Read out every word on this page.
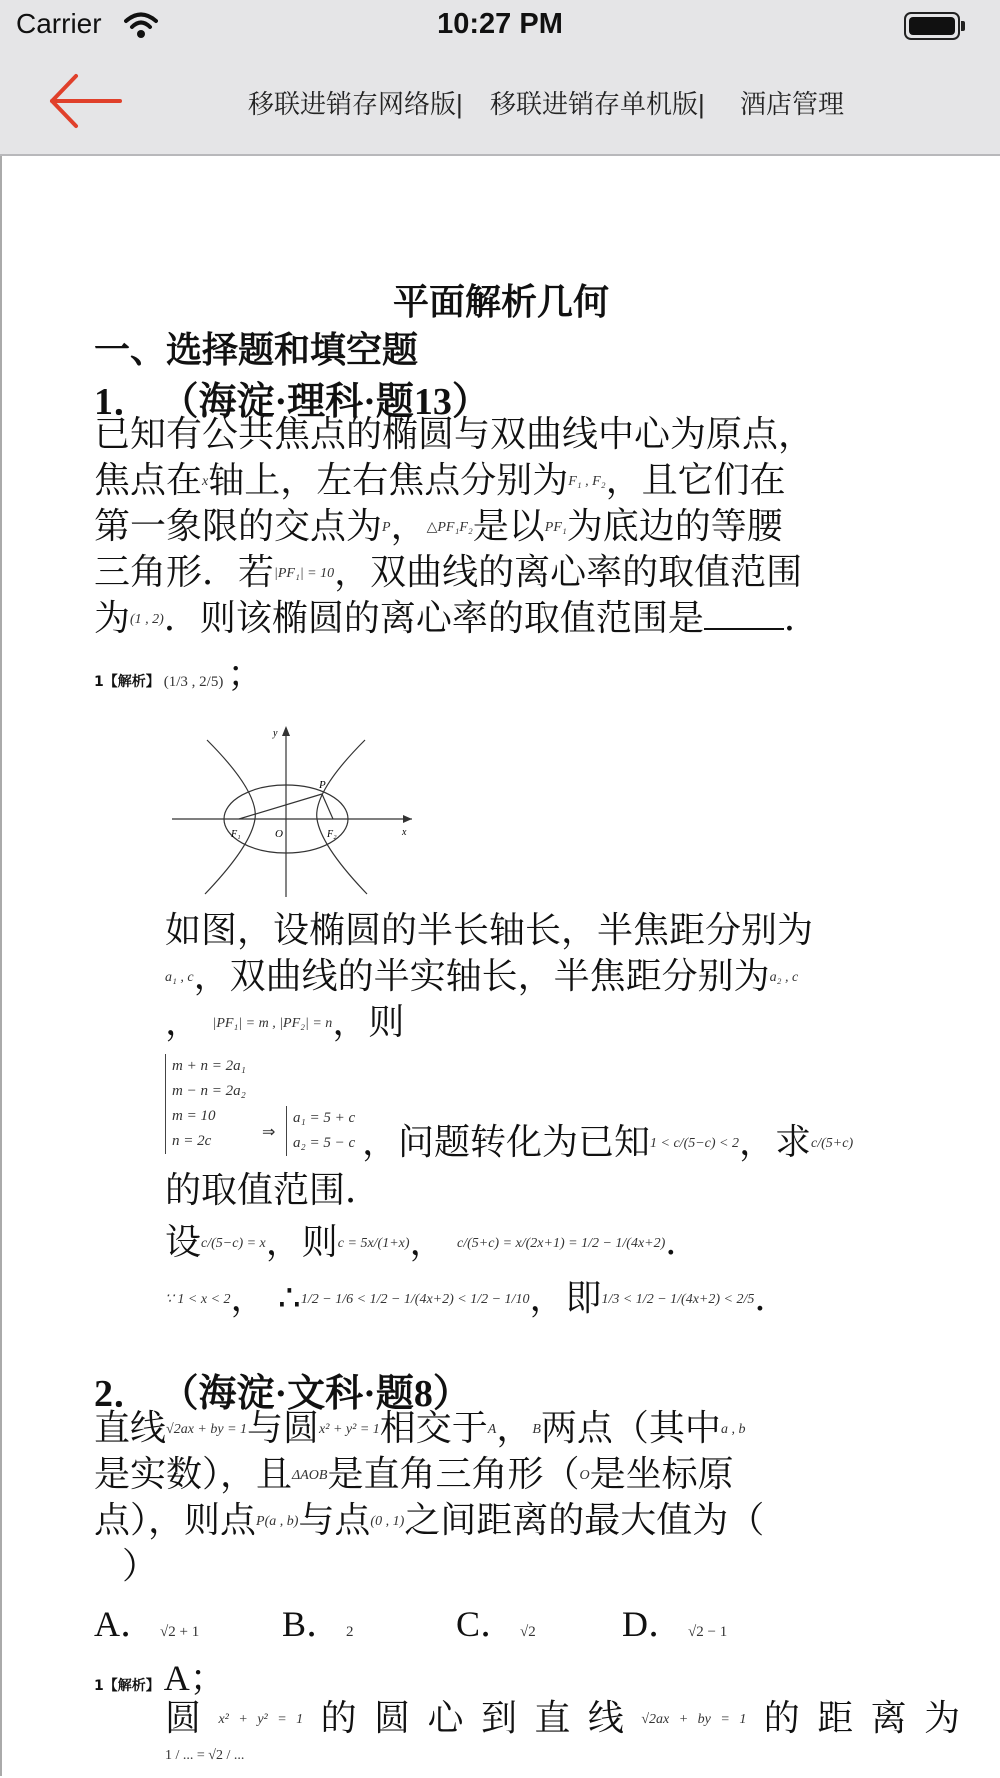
Carrier	10:27 PM
移联进销存网络版| 移联进销存单机版| 酒店管理
平面解析几何
一、选择题和填空题
1． （海淀·理科·题13）
已知有公共焦点的椭圆与双曲线中心为原点，
焦点在x轴上，左右焦点分别为F₁ , F₂，且它们在
第一象限的交点为P，△PF₁F₂是以PF₁为底边的等腰
三角形．若|PF₁| = 10，双曲线的离心率的取值范围
为(1 , 2)．则该椭圆的离心率的取值范围是 ．
1【解析】 (1/3 , 2/5) ；
y
P
F₁	O	F₂	x
如图，设椭圆的半长轴长，半焦距分别为
a₁ , c，双曲线的半实轴长，半焦距分别为a₂ , c
， |PF₁| = m , |PF₂| = n，则
m + n = 2a₁
m − n = 2a₂
m = 10
n = 2c	⇒
a₁ = 5 + c
a₂ = 5 − c ，问题转化为已知1 < c/(5−c) < 2，求c/(5+c)
的取值范围．
设c/(5−c) = x，则c = 5x/(1+x)， c/(5+c) = x/(2x+1) = 1/2 − 1/(4x+2)．
∵ 1 < x < 2， ∴1/2 − 1/6 < 1/2 − 1/(4x+2) < 1/2 − 1/10，即1/3 < 1/2 − 1/(4x+2) < 2/5．
2． （海淀·文科·题8）
直线√2ax + by = 1与圆x² + y² = 1相交于A，B两点（其中a , b
是实数），且ΔAOB是直角三角形（O是坐标原
点），则点P(a , b)与点(0 , 1)之间距离的最大值为（
）
A． √2 + 1 B． 2	C． √2 D． √2 − 1
1【解析】 A；
圆 x² + y² = 1 的 圆 心 到 直 线 √2ax + by = 1 的 距 离 为
1 / ... = √2 / ...
